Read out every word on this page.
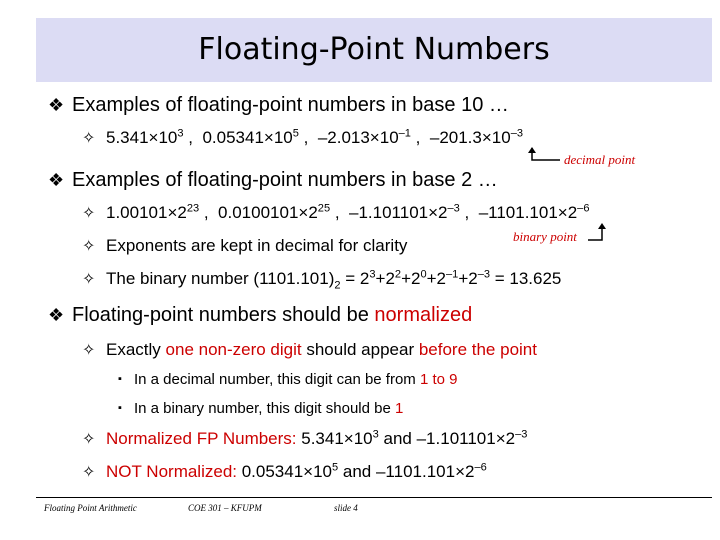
Floating-Point Numbers
❖ Examples of floating-point numbers in base 10 …
✧ $5.341\times 10^3$ ,  $0.05341\times 10^5$ ,  $-2.013\times 10^{-1}$ ,  $-201.3\times 10^{-3}$
decimal point
❖ Examples of floating-point numbers in base 2 …
✧ $1.00101\times 2^{23}$ ,  $0.0100101\times 2^{25}$ ,  $-1.101101\times 2^{-3}$ ,  $-1101.101\times 2^{-6}$
✧ Exponents are kept in decimal for clarity	binary point
✧ The binary number $(1101.101)_2 = 2^3+2^2+2^0+2^{-1}+2^{-3} = 13.625$
❖ Floating-point numbers should be normalized
✧ Exactly one non-zero digit should appear before the point
▪ In a decimal number, this digit can be from 1 to 9
▪ In a binary number, this digit should be 1
✧ Normalized FP Numbers: $5.341\times 10^3$ and $-1.101101\times 2^{-3}$
✧ NOT Normalized: $0.05341\times 10^5$ and $-1101.101\times 2^{-6}$
Floating Point Arithmetic	COE 301 – KFUPM	slide 4
